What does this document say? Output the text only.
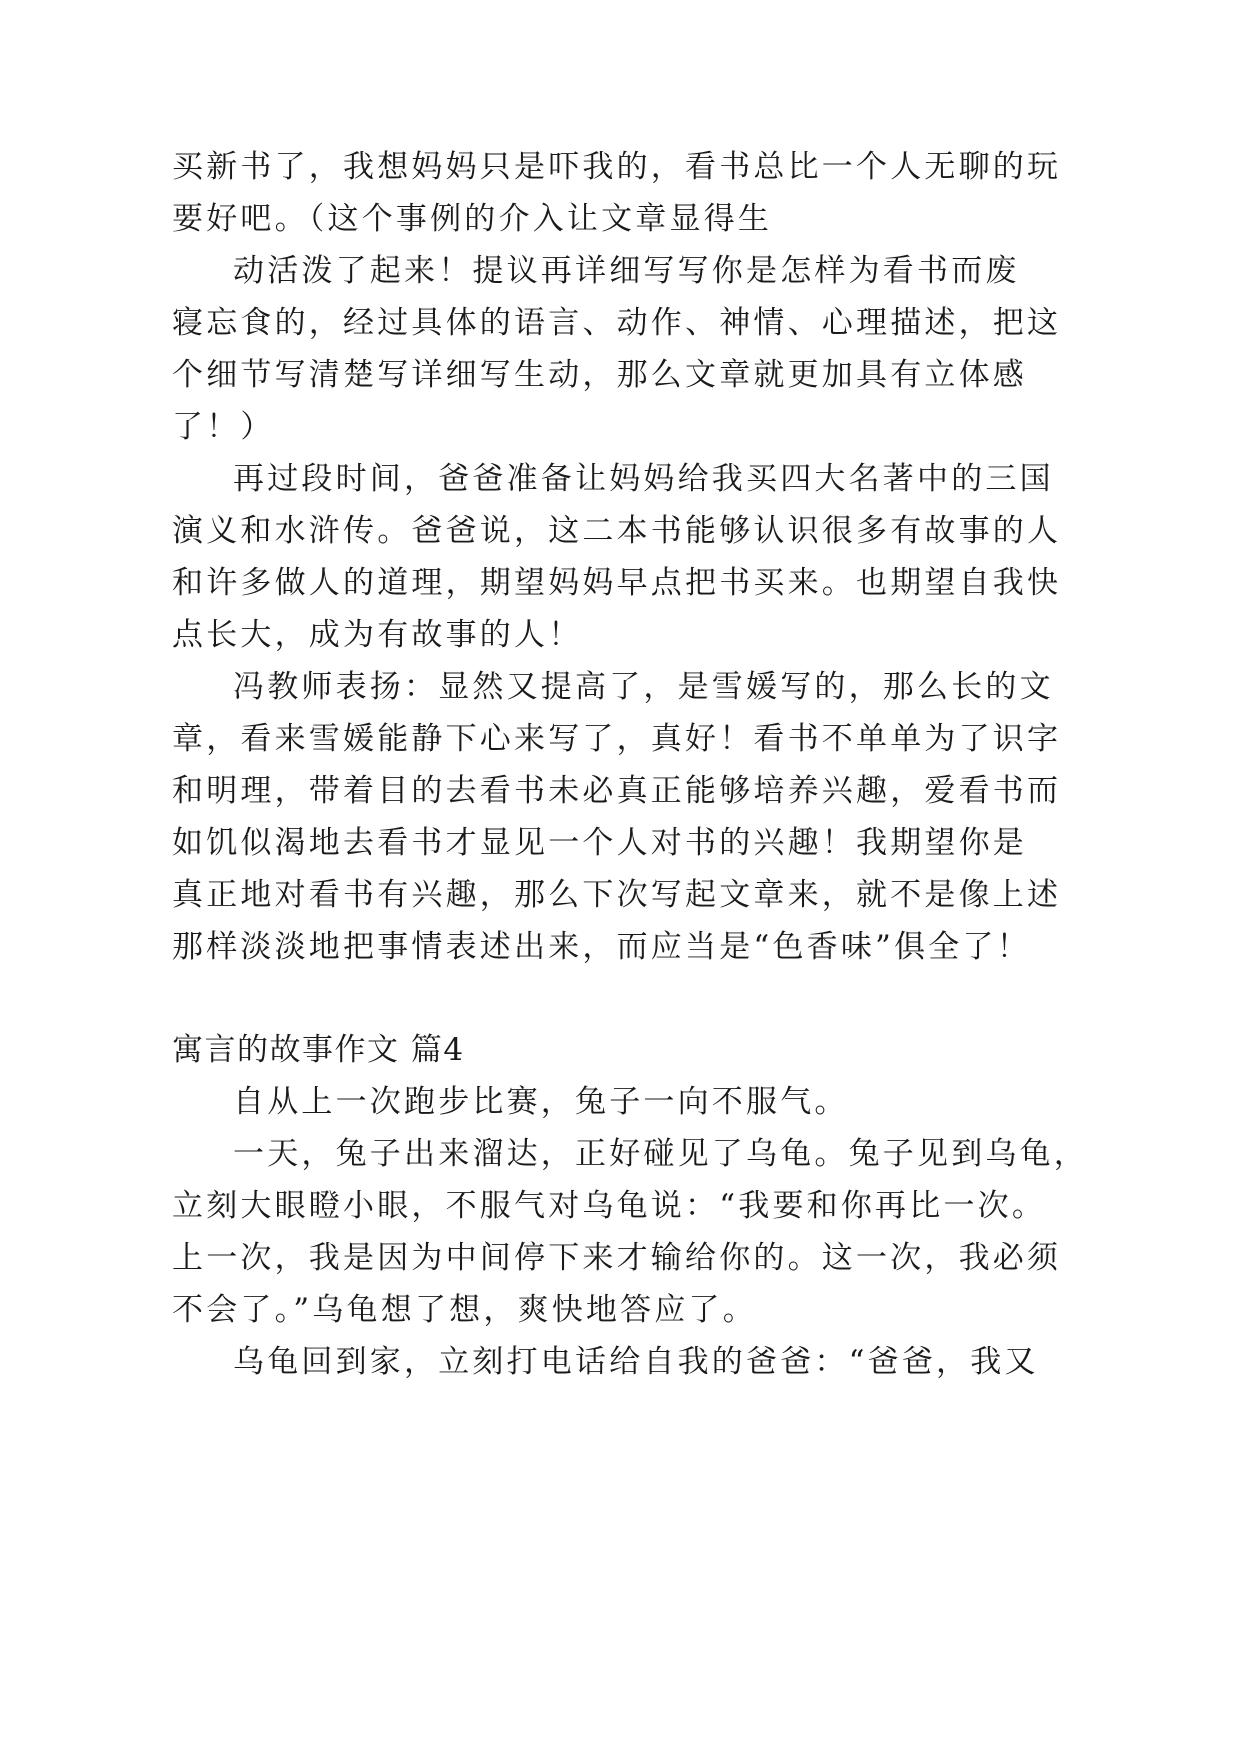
买新书了，我想妈妈只是吓我的，看书总比一个人无聊的玩
要好吧。（这个事例的介入让文章显得生
动活泼了起来！提议再详细写写你是怎样为看书而废
寝忘食的，经过具体的语言、动作、神情、心理描述，把这
个细节写清楚写详细写生动，那么文章就更加具有立体感
了！）
再过段时间，爸爸准备让妈妈给我买四大名著中的三国
演义和水浒传。爸爸说，这二本书能够认识很多有故事的人
和许多做人的道理，期望妈妈早点把书买来。也期望自我快
点长大，成为有故事的人！
冯教师表扬：显然又提高了，是雪媛写的，那么长的文
章，看来雪媛能静下心来写了，真好！看书不单单为了识字
和明理，带着目的去看书未必真正能够培养兴趣，爱看书而
如饥似渴地去看书才显见一个人对书的兴趣！我期望你是
真正地对看书有兴趣，那么下次写起文章来，就不是像上述
那样淡淡地把事情表述出来，而应当是“色香味”俱全了！
寓言的故事作文 篇4
自从上一次跑步比赛，兔子一向不服气。
一天，兔子出来溜达，正好碰见了乌龟。兔子见到乌龟，
立刻大眼瞪小眼，不服气对乌龟说：“我要和你再比一次。
上一次，我是因为中间停下来才输给你的。这一次，我必须
不会了。”乌龟想了想，爽快地答应了。
乌龟回到家，立刻打电话给自我的爸爸：“爸爸，我又
